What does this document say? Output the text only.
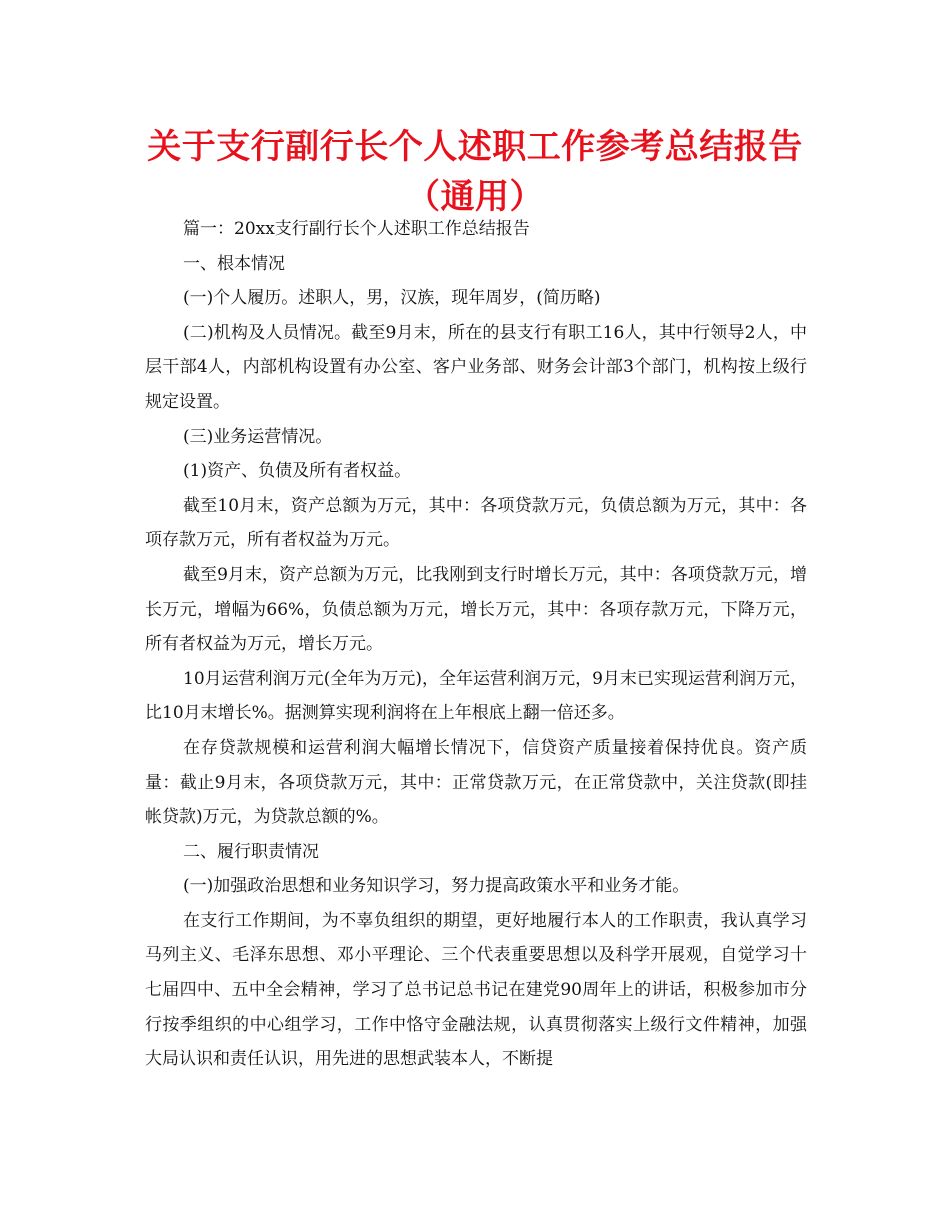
关于支行副行长个人述职工作参考总结报告（通用）

篇一：20xx支行副行长个人述职工作总结报告

一、根本情况

(一)个人履历。述职人，男，汉族，现年周岁，(简历略)

(二)机构及人员情况。截至9月末，所在的县支行有职工16人，其中行领导2人，中层干部4人，内部机构设置有办公室、客户业务部、财务会计部3个部门，机构按上级行规定设置。

(三)业务运营情况。

(1)资产、负债及所有者权益。

截至10月末，资产总额为万元，其中：各项贷款万元，负债总额为万元，其中：各项存款万元，所有者权益为万元。

截至9月末，资产总额为万元，比我刚到支行时增长万元，其中：各项贷款万元，增长万元，增幅为66%，负债总额为万元，增长万元，其中：各项存款万元，下降万元，所有者权益为万元，增长万元。

10月运营利润万元(全年为万元)，全年运营利润万元，9月末已实现运营利润万元，比10月末增长%。据测算实现利润将在上年根底上翻一倍还多。

在存贷款规模和运营利润大幅增长情况下，信贷资产质量接着保持优良。资产质量：截止9月末，各项贷款万元，其中：正常贷款万元，在正常贷款中，关注贷款(即挂帐贷款)万元，为贷款总额的%。

二、履行职责情况

(一)加强政治思想和业务知识学习，努力提高政策水平和业务才能。

在支行工作期间，为不辜负组织的期望，更好地履行本人的工作职责，我认真学习马列主义、毛泽东思想、邓小平理论、三个代表重要思想以及科学开展观，自觉学习十七届四中、五中全会精神，学习了总书记总书记在建党90周年上的讲话，积极参加市分行按季组织的中心组学习，工作中恪守金融法规，认真贯彻落实上级行文件精神，加强大局认识和责任认识，用先进的思想武装本人，不断提
